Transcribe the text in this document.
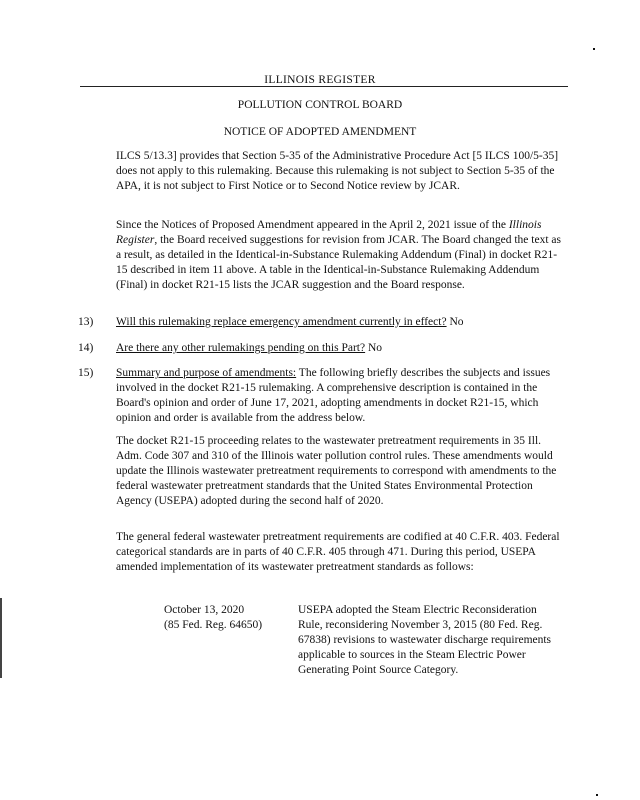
ILLINOIS REGISTER
POLLUTION CONTROL BOARD
NOTICE OF ADOPTED AMENDMENT

ILCS 5/13.3] provides that Section 5-35 of the Administrative Procedure Act [5 ILCS 100/5-35] does not apply to this rulemaking. Because this rulemaking is not subject to Section 5-35 of the APA, it is not subject to First Notice or to Second Notice review by JCAR.

Since the Notices of Proposed Amendment appeared in the April 2, 2021 issue of the Illinois Register, the Board received suggestions for revision from JCAR. The Board changed the text as a result, as detailed in the Identical-in-Substance Rulemaking Addendum (Final) in docket R21-15 described in item 11 above. A table in the Identical-in-Substance Rulemaking Addendum (Final) in docket R21-15 lists the JCAR suggestion and the Board response.

13) Will this rulemaking replace emergency amendment currently in effect? No
14) Are there any other rulemakings pending on this Part? No
15) Summary and purpose of amendments: The following briefly describes the subjects and issues involved in the docket R21-15 rulemaking. A comprehensive description is contained in the Board's opinion and order of June 17, 2021, adopting amendments in docket R21-15, which opinion and order is available from the address below.

The docket R21-15 proceeding relates to the wastewater pretreatment requirements in 35 Ill. Adm. Code 307 and 310 of the Illinois water pollution control rules. These amendments would update the Illinois wastewater pretreatment requirements to correspond with amendments to the federal wastewater pretreatment standards that the United States Environmental Protection Agency (USEPA) adopted during the second half of 2020.

The general federal wastewater pretreatment requirements are codified at 40 C.F.R. 403. Federal categorical standards are in parts of 40 C.F.R. 405 through 471. During this period, USEPA amended implementation of its wastewater pretreatment standards as follows:

October 13, 2020
(85 Fed. Reg. 64650)
USEPA adopted the Steam Electric Reconsideration Rule, reconsidering November 3, 2015 (80 Fed. Reg. 67838) revisions to wastewater discharge requirements applicable to sources in the Steam Electric Power Generating Point Source Category.
